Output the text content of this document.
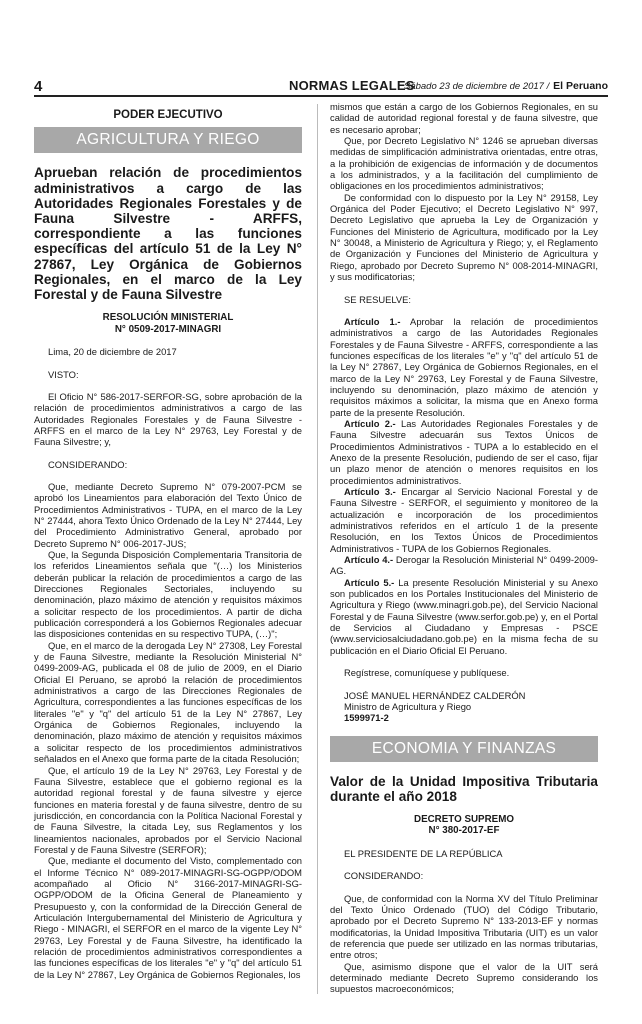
4	NORMAS LEGALES
Sábado 23 de diciembre de 2017 / El Peruano
PODER EJECUTIVO
AGRICULTURA Y RIEGO
Aprueban relación de procedimientos administrativos a cargo de las Autoridades Regionales Forestales y de Fauna Silvestre - ARFFS, correspondiente a las funciones específicas del artículo 51 de la Ley N° 27867, Ley Orgánica de Gobiernos Regionales, en el marco de la Ley Forestal y de Fauna Silvestre
RESOLUCIÓN MINISTERIAL
N° 0509-2017-MINAGRI

Lima, 20 de diciembre de 2017

VISTO:

El Oficio N° 586-2017-SERFOR-SG, sobre aprobación de la relación de procedimientos administrativos a cargo de las Autoridades Regionales Forestales y de Fauna Silvestre - ARFFS en el marco de la Ley N° 29763, Ley Forestal y de Fauna Silvestre; y,

CONSIDERANDO:

Que, mediante Decreto Supremo N° 079-2007-PCM se aprobó los Lineamientos para elaboración del Texto Único de Procedimientos Administrativos - TUPA, en el marco de la Ley N° 27444, ahora Texto Único Ordenado de la Ley N° 27444, Ley del Procedimiento Administrativo General, aprobado por Decreto Supremo N° 006-2017-JUS;

Que, la Segunda Disposición Complementaria Transitoria de los referidos Lineamientos señala que "(…) los Ministerios deberán publicar la relación de procedimientos a cargo de las Direcciones Regionales Sectoriales, incluyendo su denominación, plazo máximo de atención y requisitos máximos a solicitar respecto de los procedimientos. A partir de dicha publicación corresponderá a los Gobiernos Regionales adecuar las disposiciones contenidas en su respectivo TUPA, (…)";

Que, en el marco de la derogada Ley N° 27308, Ley Forestal y de Fauna Silvestre, mediante la Resolución Ministerial N° 0499-2009-AG, publicada el 08 de julio de 2009, en el Diario Oficial El Peruano, se aprobó la relación de procedimientos administrativos a cargo de las Direcciones Regionales de Agricultura, correspondientes a las funciones específicas de los literales "e" y "q" del artículo 51 de la Ley N° 27867, Ley Orgánica de Gobiernos Regionales, incluyendo la denominación, plazo máximo de atención y requisitos máximos a solicitar respecto de los procedimientos administrativos señalados en el Anexo que forma parte de la citada Resolución;

Que, el artículo 19 de la Ley N° 29763, Ley Forestal y de Fauna Silvestre, establece que el gobierno regional es la autoridad regional forestal y de fauna silvestre y ejerce funciones en materia forestal y de fauna silvestre, dentro de su jurisdicción, en concordancia con la Política Nacional Forestal y de Fauna Silvestre, la citada Ley, sus Reglamentos y los lineamientos nacionales, aprobados por el Servicio Nacional Forestal y de Fauna Silvestre (SERFOR);

Que, mediante el documento del Visto, complementado con el Informe Técnico N° 089-2017-MINAGRI-SG-OGPP/ODOM acompañado al Oficio N° 3166-2017-MINAGRI-SG-OGPP/ODOM de la Oficina General de Planeamiento y Presupuesto y, con la conformidad de la Dirección General de Articulación Intergubernamental del Ministerio de Agricultura y Riego - MINAGRI, el SERFOR en el marco de la vigente Ley N° 29763, Ley Forestal y de Fauna Silvestre, ha identificado la relación de procedimientos administrativos correspondientes a las funciones específicas de los literales "e" y "q" del artículo 51 de la Ley N° 27867, Ley Orgánica de Gobiernos Regionales, los

mismos que están a cargo de los Gobiernos Regionales, en su calidad de autoridad regional forestal y de fauna silvestre, que es necesario aprobar;

Que, por Decreto Legislativo N° 1246 se aprueban diversas medidas de simplificación administrativa orientadas, entre otras, a la prohibición de exigencias de información y de documentos a los administrados, y a la facilitación del cumplimiento de obligaciones en los procedimientos administrativos;

De conformidad con lo dispuesto por la Ley N° 29158, Ley Orgánica del Poder Ejecutivo; el Decreto Legislativo N° 997, Decreto Legislativo que aprueba la Ley de Organización y Funciones del Ministerio de Agricultura, modificado por la Ley N° 30048, a Ministerio de Agricultura y Riego; y, el Reglamento de Organización y Funciones del Ministerio de Agricultura y Riego, aprobado por Decreto Supremo N° 008-2014-MINAGRI, y sus modificatorias;

SE RESUELVE:

Artículo 1.- Aprobar la relación de procedimientos administrativos a cargo de las Autoridades Regionales Forestales y de Fauna Silvestre - ARFFS, correspondiente a las funciones específicas de los literales "e" y "q" del artículo 51 de la Ley N° 27867, Ley Orgánica de Gobiernos Regionales, en el marco de la Ley N° 29763, Ley Forestal y de Fauna Silvestre, incluyendo su denominación, plazo máximo de atención y requisitos máximos a solicitar, la misma que en Anexo forma parte de la presente Resolución.

Artículo 2.- Las Autoridades Regionales Forestales y de Fauna Silvestre adecuarán sus Textos Únicos de Procedimientos Administrativos - TUPA a lo establecido en el Anexo de la presente Resolución, pudiendo de ser el caso, fijar un plazo menor de atención o menores requisitos en los procedimientos administrativos.

Artículo 3.- Encargar al Servicio Nacional Forestal y de Fauna Silvestre - SERFOR, el seguimiento y monitoreo de la actualización e incorporación de los procedimientos administrativos referidos en el artículo 1 de la presente Resolución, en los Textos Únicos de Procedimientos Administrativos - TUPA de los Gobiernos Regionales.

Artículo 4.- Derogar la Resolución Ministerial N° 0499-2009-AG.

Artículo 5.- La presente Resolución Ministerial y su Anexo son publicados en los Portales Institucionales del Ministerio de Agricultura y Riego (www.minagri.gob.pe), del Servicio Nacional Forestal y de Fauna Silvestre (www.serfor.gob.pe) y, en el Portal de Servicios al Ciudadano y Empresas - PSCE (www.serviciosalciudadano.gob.pe) en la misma fecha de su publicación en el Diario Oficial El Peruano.

Regístrese, comuníquese y publíquese.

JOSÉ MANUEL HERNÁNDEZ CALDERÓN

Ministro de Agricultura y Riego

1599971-2

ECONOMIA Y FINANZAS
Valor de la Unidad Impositiva Tributaria durante el año 2018
DECRETO SUPREMO
N° 380-2017-EF

EL PRESIDENTE DE LA REPÚBLICA

CONSIDERANDO:

Que, de conformidad con la Norma XV del Título Preliminar del Texto Único Ordenado (TUO) del Código Tributario, aprobado por el Decreto Supremo N° 133-2013-EF y normas modificatorias, la Unidad Impositiva Tributaria (UIT) es un valor de referencia que puede ser utilizado en las normas tributarias, entre otros;

Que, asimismo dispone que el valor de la UIT será determinado mediante Decreto Supremo considerando los supuestos macroeconómicos;
